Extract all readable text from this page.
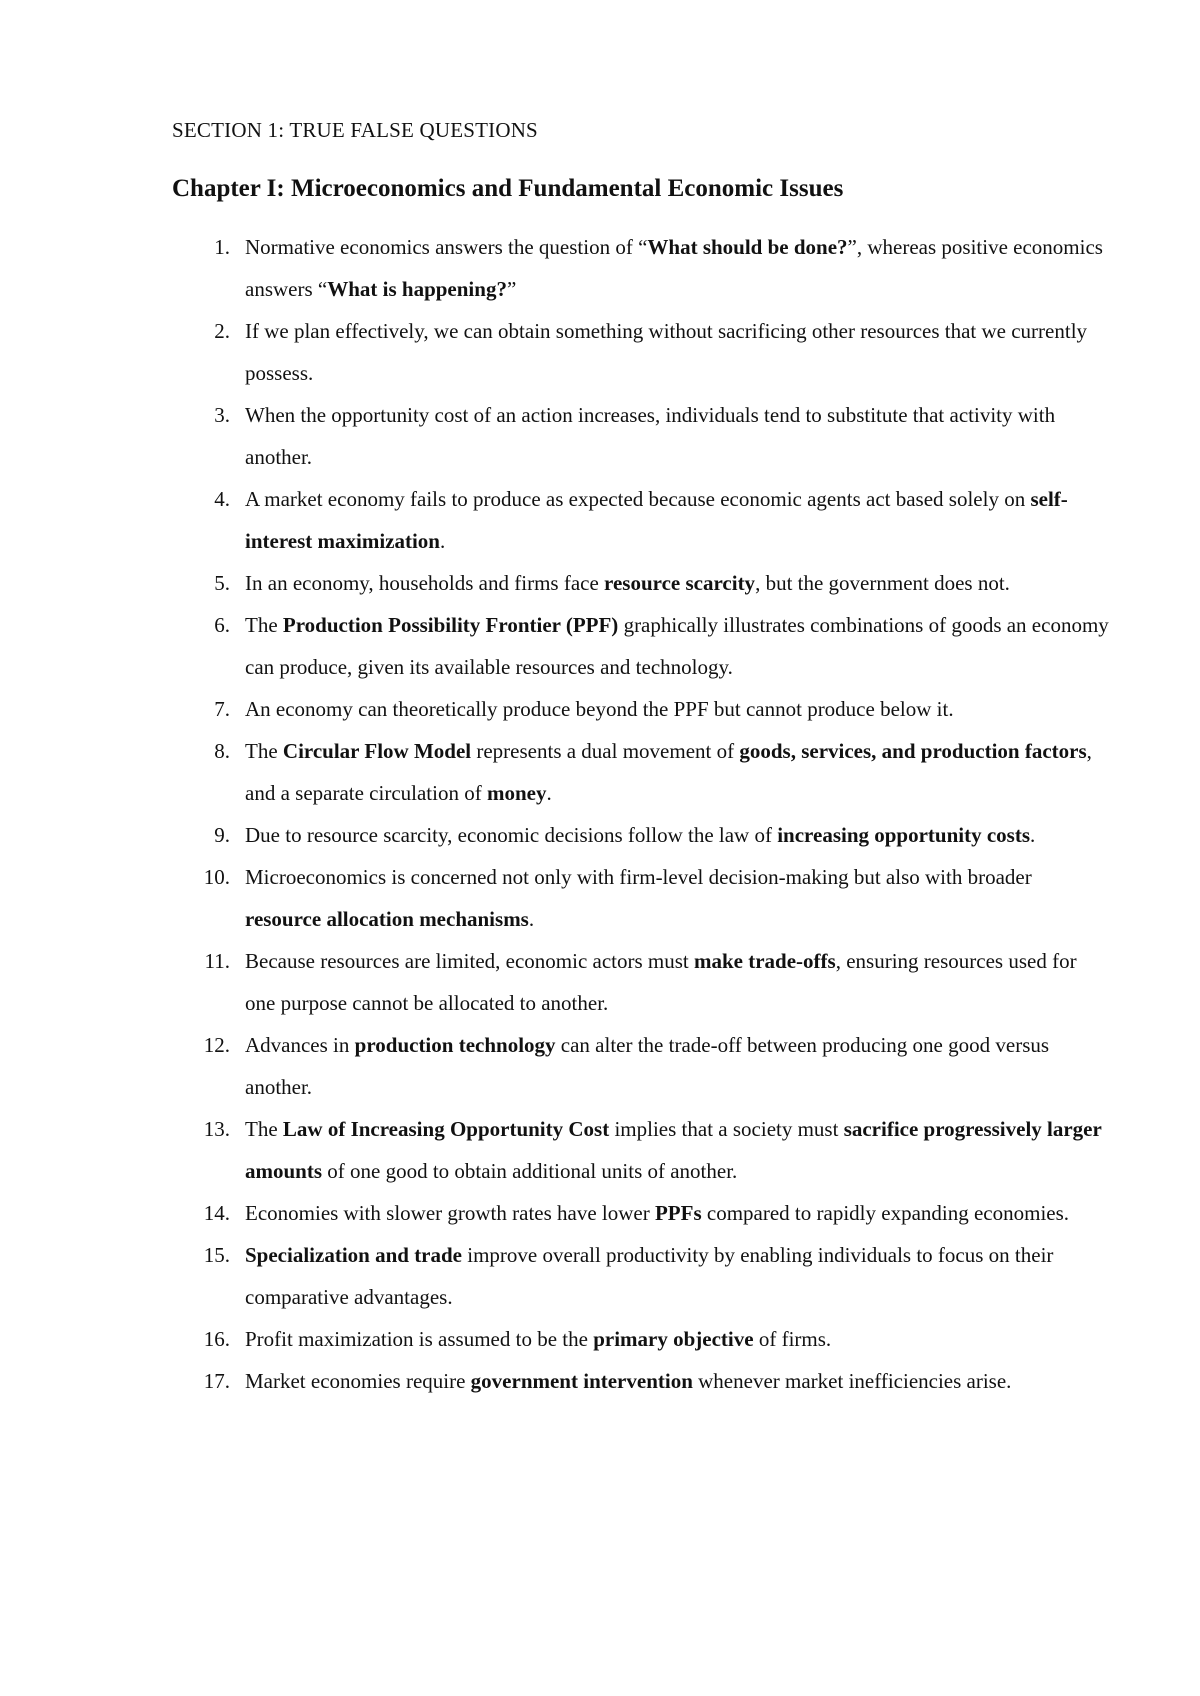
SECTION 1: TRUE FALSE QUESTIONS
Chapter I: Microeconomics and Fundamental Economic Issues
1. Normative economics answers the question of “What should be done?”, whereas positive economics answers “What is happening?”
2. If we plan effectively, we can obtain something without sacrificing other resources that we currently possess.
3. When the opportunity cost of an action increases, individuals tend to substitute that activity with another.
4. A market economy fails to produce as expected because economic agents act based solely on self-interest maximization.
5. In an economy, households and firms face resource scarcity, but the government does not.
6. The Production Possibility Frontier (PPF) graphically illustrates combinations of goods an economy can produce, given its available resources and technology.
7. An economy can theoretically produce beyond the PPF but cannot produce below it.
8. The Circular Flow Model represents a dual movement of goods, services, and production factors, and a separate circulation of money.
9. Due to resource scarcity, economic decisions follow the law of increasing opportunity costs.
10. Microeconomics is concerned not only with firm-level decision-making but also with broader resource allocation mechanisms.
11. Because resources are limited, economic actors must make trade-offs, ensuring resources used for one purpose cannot be allocated to another.
12. Advances in production technology can alter the trade-off between producing one good versus another.
13. The Law of Increasing Opportunity Cost implies that a society must sacrifice progressively larger amounts of one good to obtain additional units of another.
14. Economies with slower growth rates have lower PPFs compared to rapidly expanding economies.
15. Specialization and trade improve overall productivity by enabling individuals to focus on their comparative advantages.
16. Profit maximization is assumed to be the primary objective of firms.
17. Market economies require government intervention whenever market inefficiencies arise.
